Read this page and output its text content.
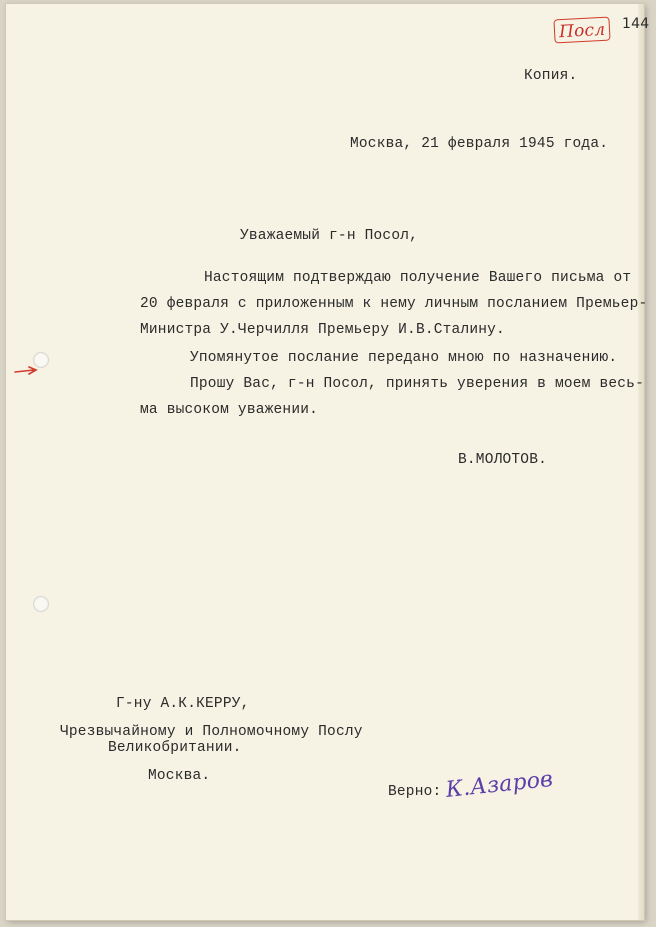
Посл	144
Копия.
Москва, 21 февраля 1945 года.
Уважаемый г-н Посол,
Настоящим подтверждаю получение Вашего письма от
20 февраля с приложенным к нему личным посланием Премьер-
Министра У.Черчилля Премьеру И.В.Сталину.
Упомянутое послание передано мною по назначению.
Прошу Вас, г-н Посол, принять уверения в моем весь-
ма высоком уважении.
В.МОЛОТОВ.
Г-ну А.К.КЕРРУ,
Чрезвычайному и Полномочному Послу
Великобритании.
Москва.
Верно: К.Азаров
